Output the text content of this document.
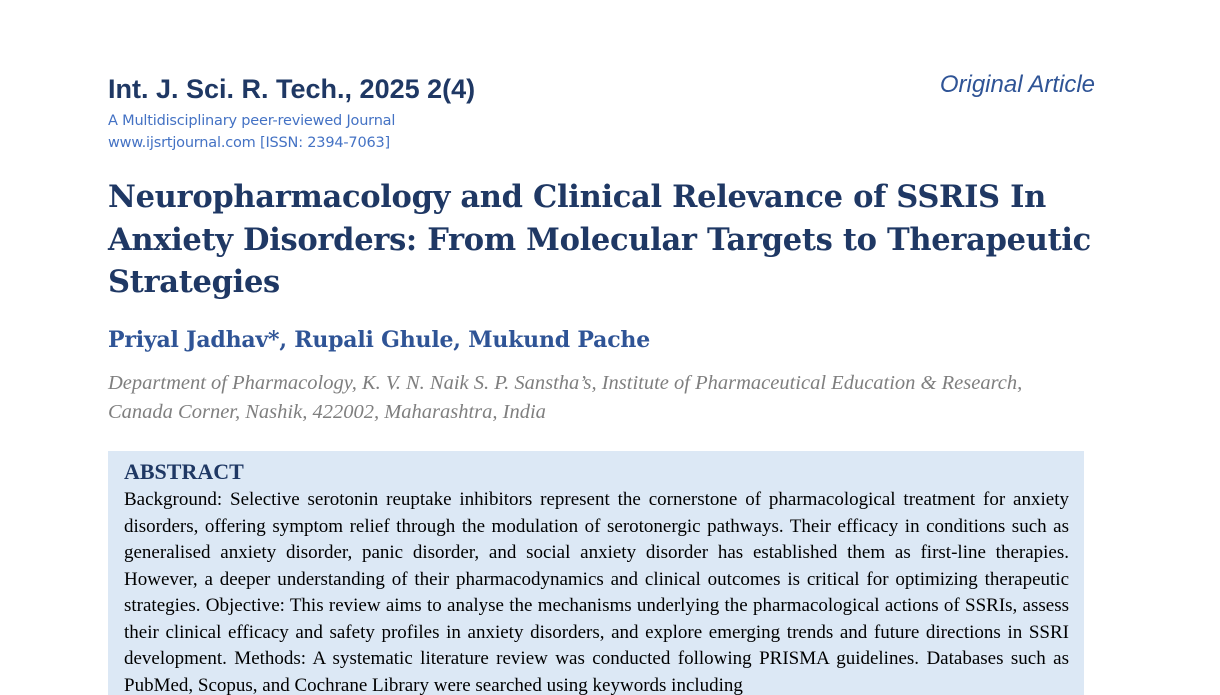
Int. J. Sci. R. Tech., 2025 2(4)	Original Article
A Multidisciplinary peer-reviewed Journal
www.ijsrtjournal.com [ISSN: 2394-7063]
Neuropharmacology and Clinical Relevance of SSRIS In Anxiety Disorders: From Molecular Targets to Therapeutic Strategies
Priyal Jadhav*, Rupali Ghule, Mukund Pache
Department of Pharmacology, K. V. N. Naik S. P. Sanstha’s, Institute of Pharmaceutical Education & Research, Canada Corner, Nashik, 422002, Maharashtra, India
ABSTRACT

Background: Selective serotonin reuptake inhibitors represent the cornerstone of pharmacological treatment for anxiety disorders, offering symptom relief through the modulation of serotonergic pathways. Their efficacy in conditions such as generalised anxiety disorder, panic disorder, and social anxiety disorder has established them as first-line therapies. However, a deeper understanding of their pharmacodynamics and clinical outcomes is critical for optimizing therapeutic strategies. Objective: This review aims to analyse the mechanisms underlying the pharmacological actions of SSRIs, assess their clinical efficacy and safety profiles in anxiety disorders, and explore emerging trends and future directions in SSRI development. Methods: A systematic literature review was conducted following PRISMA guidelines. Databases such as PubMed, Scopus, and Cochrane Library were searched using keywords including
